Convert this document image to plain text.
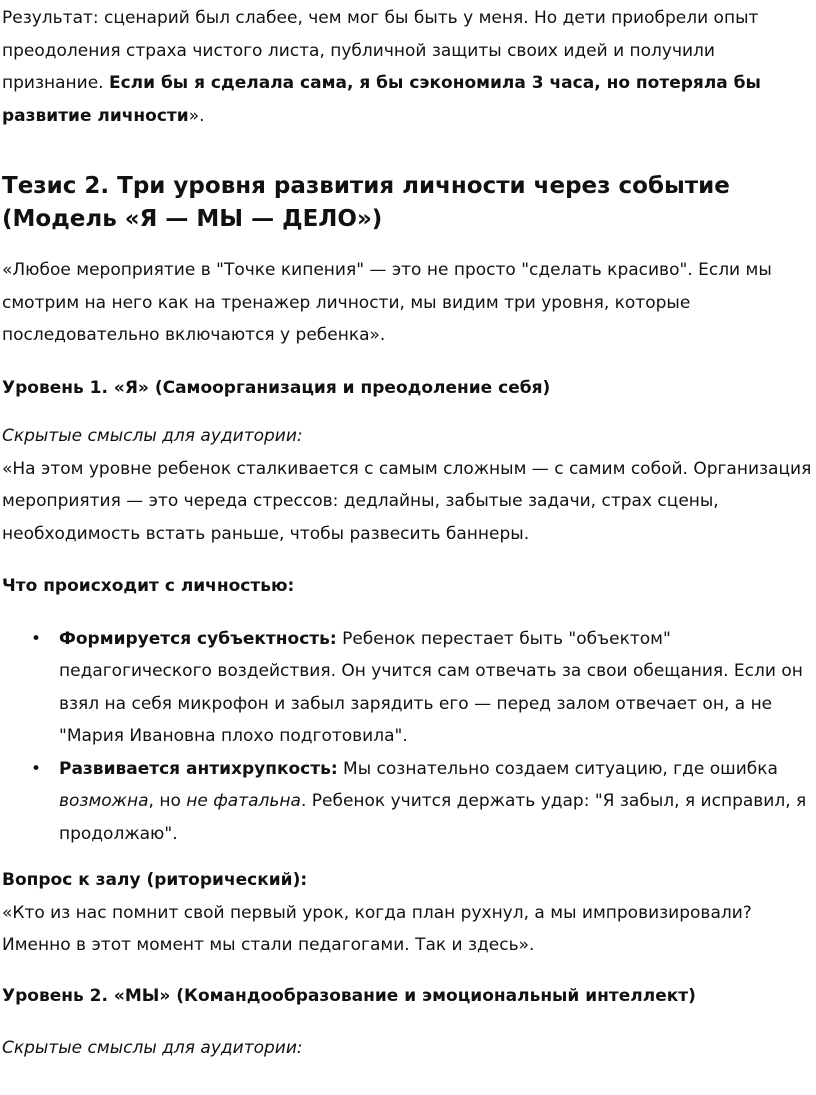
Результат: сценарий был слабее, чем мог бы быть у меня. Но дети приобрели опыт преодоления страха чистого листа, публичной защиты своих идей и получили признание. Если бы я сделала сама, я бы сэкономила 3 часа, но потеряла бы развитие личности».

Тезис 2. Три уровня развития личности через событие (Модель «Я — МЫ — ДЕЛО»)

«Любое мероприятие в "Точке кипения" — это не просто "сделать красиво". Если мы смотрим на него как на тренажер личности, мы видим три уровня, которые последовательно включаются у ребенка».

Уровень 1. «Я» (Самоорганизация и преодоление себя)

Скрытые смыслы для аудитории:

«На этом уровне ребенок сталкивается с самым сложным — с самим собой. Организация мероприятия — это череда стрессов: дедлайны, забытые задачи, страх сцены, необходимость встать раньше, чтобы развесить баннеры.

Что происходит с личностью:
• Формируется субъектность: Ребенок перестает быть "объектом" педагогического воздействия. Он учится сам отвечать за свои обещания. Если он взял на себя микрофон и забыл зарядить его — перед залом отвечает он, а не "Мария Ивановна плохо подготовила".
• Развивается антихрупкость: Мы сознательно создаем ситуацию, где ошибка возможна, но не фатальна. Ребенок учится держать удар: "Я забыл, я исправил, я продолжаю".
Вопрос к залу (риторический):

«Кто из нас помнит свой первый урок, когда план рухнул, а мы импровизировали? Именно в этот момент мы стали педагогами. Так и здесь».

Уровень 2. «МЫ» (Командообразование и эмоциональный интеллект)

Скрытые смыслы для аудитории:
